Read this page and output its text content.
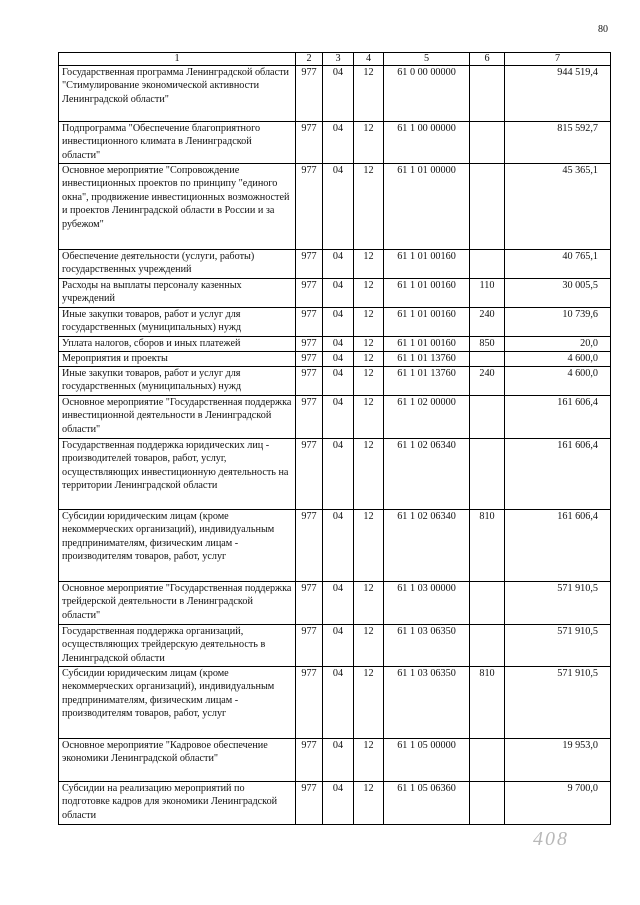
80
1	2	3	4	5	6	7
Государственная программа Ленинградской области "Стимулирование экономической активности Ленинградской области"	977	04	12	61 0 00 00000		944 519,4
Подпрограмма "Обеспечение благоприятного инвестиционного климата в Ленинградской области"	977	04	12	61 1 00 00000		815 592,7
Основное мероприятие "Сопровождение инвестиционных проектов по принципу "единого окна", продвижение инвестиционных возможностей и проектов Ленинградской области в России и за рубежом"	977	04	12	61 1 01 00000		45 365,1
Обеспечение деятельности (услуги, работы) государственных учреждений	977	04	12	61 1 01 00160		40 765,1
Расходы на выплаты персоналу казенных учреждений	977	04	12	61 1 01 00160	110	30 005,5
Иные закупки товаров, работ и услуг для государственных (муниципальных) нужд	977	04	12	61 1 01 00160	240	10 739,6
Уплата налогов, сборов и иных платежей	977	04	12	61 1 01 00160	850	20,0
Мероприятия и проекты	977	04	12	61 1 01 13760		4 600,0
Иные закупки товаров, работ и услуг для государственных (муниципальных) нужд	977	04	12	61 1 01 13760	240	4 600,0
Основное мероприятие "Государственная поддержка инвестиционной деятельности в Ленинградской области"	977	04	12	61 1 02 00000		161 606,4
Государственная поддержка юридических лиц - производителей товаров, работ, услуг, осуществляющих инвестиционную деятельность на территории Ленинградской области	977	04	12	61 1 02 06340		161 606,4
Субсидии юридическим лицам (кроме некоммерческих организаций), индивидуальным предпринимателям, физическим лицам - производителям товаров, работ, услуг	977	04	12	61 1 02 06340	810	161 606,4
Основное мероприятие "Государственная поддержка трейдерской деятельности в Ленинградской области"	977	04	12	61 1 03 00000		571 910,5
Государственная поддержка организаций, осуществляющих трейдерскую деятельность в Ленинградской области	977	04	12	61 1 03 06350		571 910,5
Субсидии юридическим лицам (кроме некоммерческих организаций), индивидуальным предпринимателям, физическим лицам - производителям товаров, работ, услуг	977	04	12	61 1 03 06350	810	571 910,5
Основное мероприятие "Кадровое обеспечение экономики Ленинградской области"	977	04	12	61 1 05 00000		19 953,0
Субсидии на реализацию мероприятий по подготовке кадров для экономики Ленинградской области	977	04	12	61 1 05 06360		9 700,0
408
